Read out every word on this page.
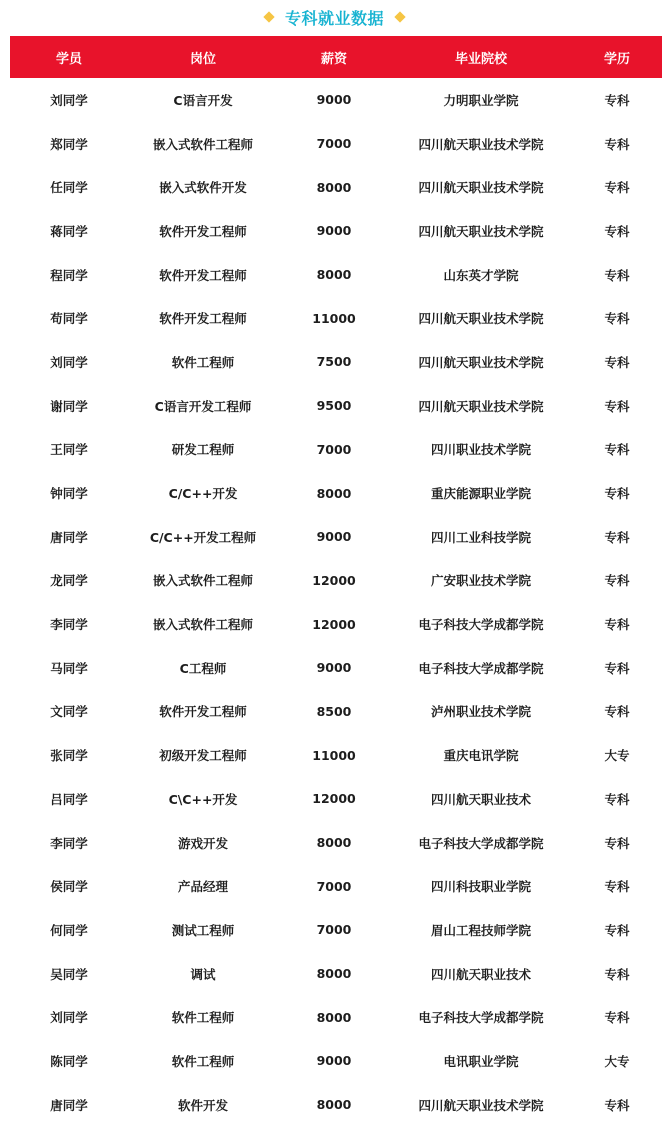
专科就业数据
学员	岗位	薪资	毕业院校	学历
刘同学	C语言开发	9000	力明职业学院	专科
郑同学	嵌入式软件工程师	7000	四川航天职业技术学院	专科
任同学	嵌入式软件开发	8000	四川航天职业技术学院	专科
蒋同学	软件开发工程师	9000	四川航天职业技术学院	专科
程同学	软件开发工程师	8000	山东英才学院	专科
苟同学	软件开发工程师	11000	四川航天职业技术学院	专科
刘同学	软件工程师	7500	四川航天职业技术学院	专科
谢同学	C语言开发工程师	9500	四川航天职业技术学院	专科
王同学	研发工程师	7000	四川职业技术学院	专科
钟同学	C/C++开发	8000	重庆能源职业学院	专科
唐同学	C/C++开发工程师	9000	四川工业科技学院	专科
龙同学	嵌入式软件工程师	12000	广安职业技术学院	专科
李同学	嵌入式软件工程师	12000	电子科技大学成都学院	专科
马同学	C工程师	9000	电子科技大学成都学院	专科
文同学	软件开发工程师	8500	泸州职业技术学院	专科
张同学	初级开发工程师	11000	重庆电讯学院	大专
吕同学	C\C++开发	12000	四川航天职业技术	专科
李同学	游戏开发	8000	电子科技大学成都学院	专科
侯同学	产品经理	7000	四川科技职业学院	专科
何同学	测试工程师	7000	眉山工程技师学院	专科
吴同学	调试	8000	四川航天职业技术	专科
刘同学	软件工程师	8000	电子科技大学成都学院	专科
陈同学	软件工程师	9000	电讯职业学院	大专
唐同学	软件开发	8000	四川航天职业技术学院	专科
